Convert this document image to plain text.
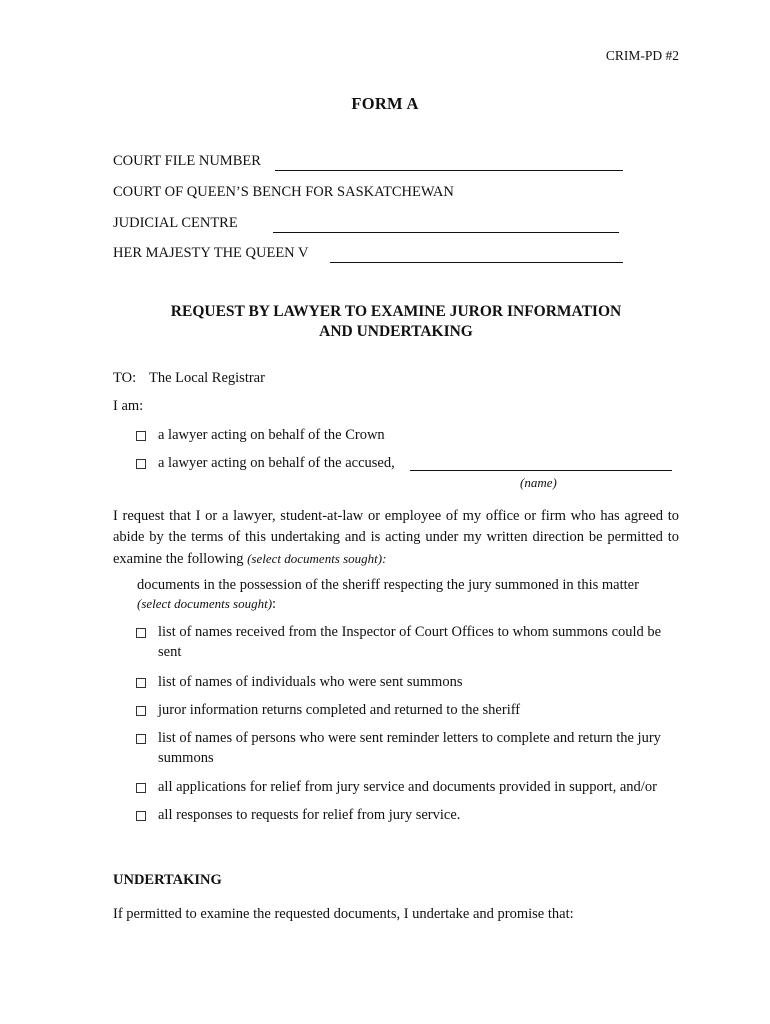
CRIM-PD #2
FORM A
COURT FILE NUMBER
COURT OF QUEEN’S BENCH FOR SASKATCHEWAN
JUDICIAL CENTRE
HER MAJESTY THE QUEEN V
REQUEST BY LAWYER TO EXAMINE JUROR INFORMATION
AND UNDERTAKING
TO: The Local Registrar
I am:
a lawyer acting on behalf of the Crown
a lawyer acting on behalf of the accused,
(name)
I request that I or a lawyer, student-at-law or employee of my office or firm who has agreed to abide by the terms of this undertaking and is acting under my written direction be permitted to examine the following (select documents sought):
documents in the possession of the sheriff respecting the jury summoned in this matter
(select documents sought):
list of names received from the Inspector of Court Offices to whom summons could be sent
list of names of individuals who were sent summons
juror information returns completed and returned to the sheriff
list of names of persons who were sent reminder letters to complete and return the jury summons
all applications for relief from jury service and documents provided in support, and/or
all responses to requests for relief from jury service.
UNDERTAKING
If permitted to examine the requested documents, I undertake and promise that:
